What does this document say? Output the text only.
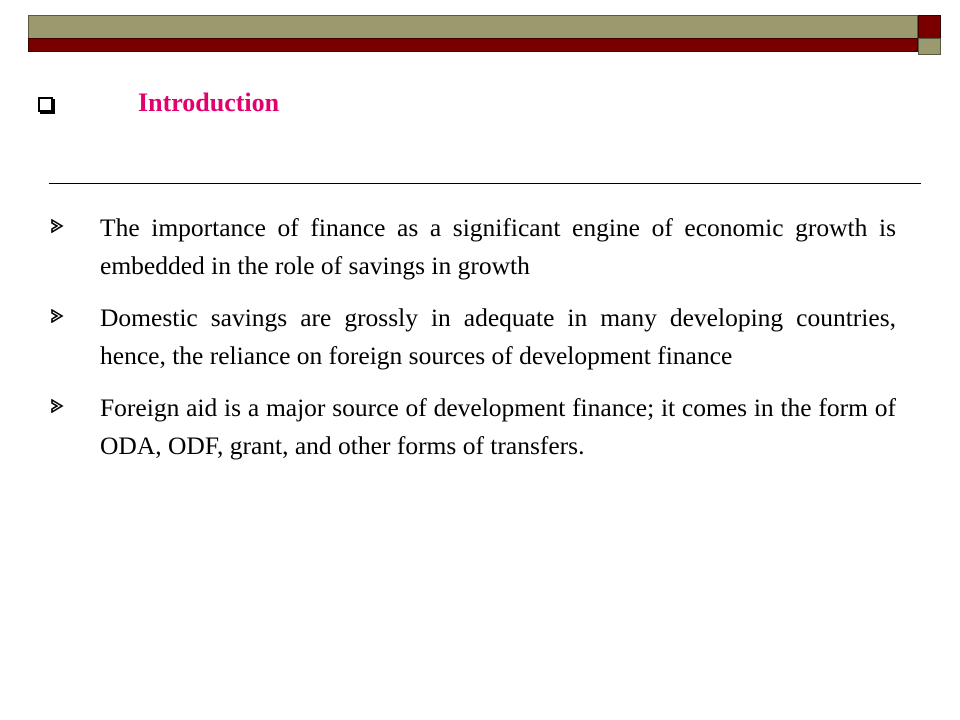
Introduction
The importance of finance as a significant engine of economic growth is embedded in the role of savings in growth
Domestic savings are grossly in adequate in many developing countries, hence, the reliance on foreign sources of development finance
Foreign aid is a major source of development finance; it comes in the form of ODA, ODF, grant, and other forms of transfers.
